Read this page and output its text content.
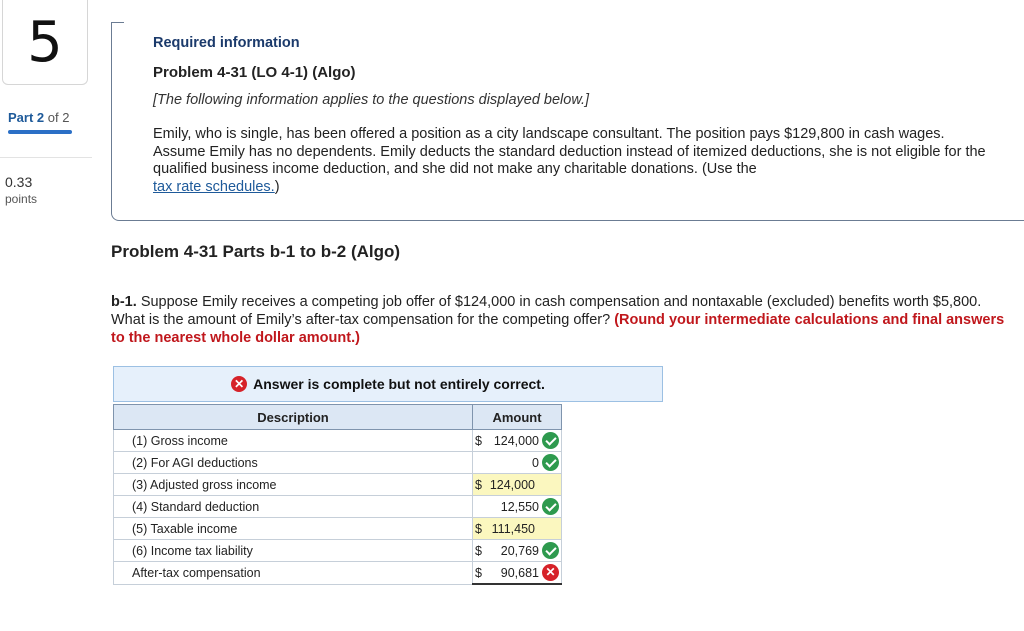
5
Part 2 of 2
0.33
points
Required information
Problem 4-31 (LO 4-1) (Algo)
[The following information applies to the questions displayed below.]
Emily, who is single, has been offered a position as a city landscape consultant. The position pays $129,800 in cash wages. Assume Emily has no dependents. Emily deducts the standard deduction instead of itemized deductions, she is not eligible for the qualified business income deduction, and she did not make any charitable donations. (Use the
tax rate schedules.)
Problem 4-31 Parts b-1 to b-2 (Algo)
b-1. Suppose Emily receives a competing job offer of $124,000 in cash compensation and nontaxable (excluded) benefits worth $5,800. What is the amount of Emily’s after-tax compensation for the competing offer? (Round your intermediate calculations and final answers to the nearest whole dollar amount.)
✕ Answer is complete but not entirely correct.
Description	Amount
(1) Gross income	$ 124,000

(2) For AGI deductions	0

(3) Adjusted gross income	$ 124,000

(4) Standard deduction	12,550

(5) Taxable income	$ 111,450

(6) Income tax liability	$ 20,769

After-tax compensation	$ 90,681 ✕
